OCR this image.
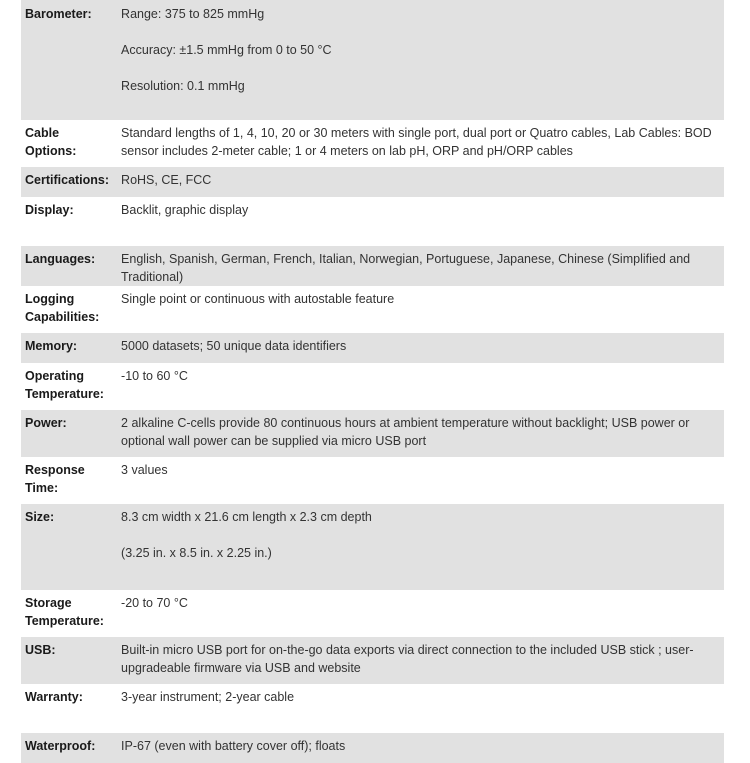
Barometer:	Range: 375 to 825 mmHg

Accuracy: ±1.5 mmHg from 0 to 50 °C

Resolution: 0.1 mmHg

Cable Options:	Standard lengths of 1, 4, 10, 20 or 30 meters with single port, dual port or Quatro cables, Lab Cables: BOD sensor includes 2-meter cable; 1 or 4 meters on lab pH, ORP and pH/ORP cables

Certifications:	RoHS, CE, FCC

Display:	Backlit, graphic display

Languages:	English, Spanish, German, French, Italian, Norwegian, Portuguese, Japanese, Chinese (Simplified and Traditional)

Logging Capabilities:	Single point or continuous with autostable feature

Memory:	5000 datasets; 50 unique data identifiers

Operating Temperature:	-10 to 60 °C

Power:	2 alkaline C-cells provide 80 continuous hours at ambient temperature without backlight; USB power or optional wall power can be supplied via micro USB port

Response Time:	3 values

Size:	8.3 cm width x 21.6 cm length x 2.3 cm depth

(3.25 in. x 8.5 in. x 2.25 in.)

Storage Temperature:	-20 to 70 °C

USB:	Built-in micro USB port for on-the-go data exports via direct connection to the included USB stick ; user-upgradeable firmware via USB and website

Warranty:	3-year instrument; 2-year cable

Waterproof:	IP-67 (even with battery cover off); floats
